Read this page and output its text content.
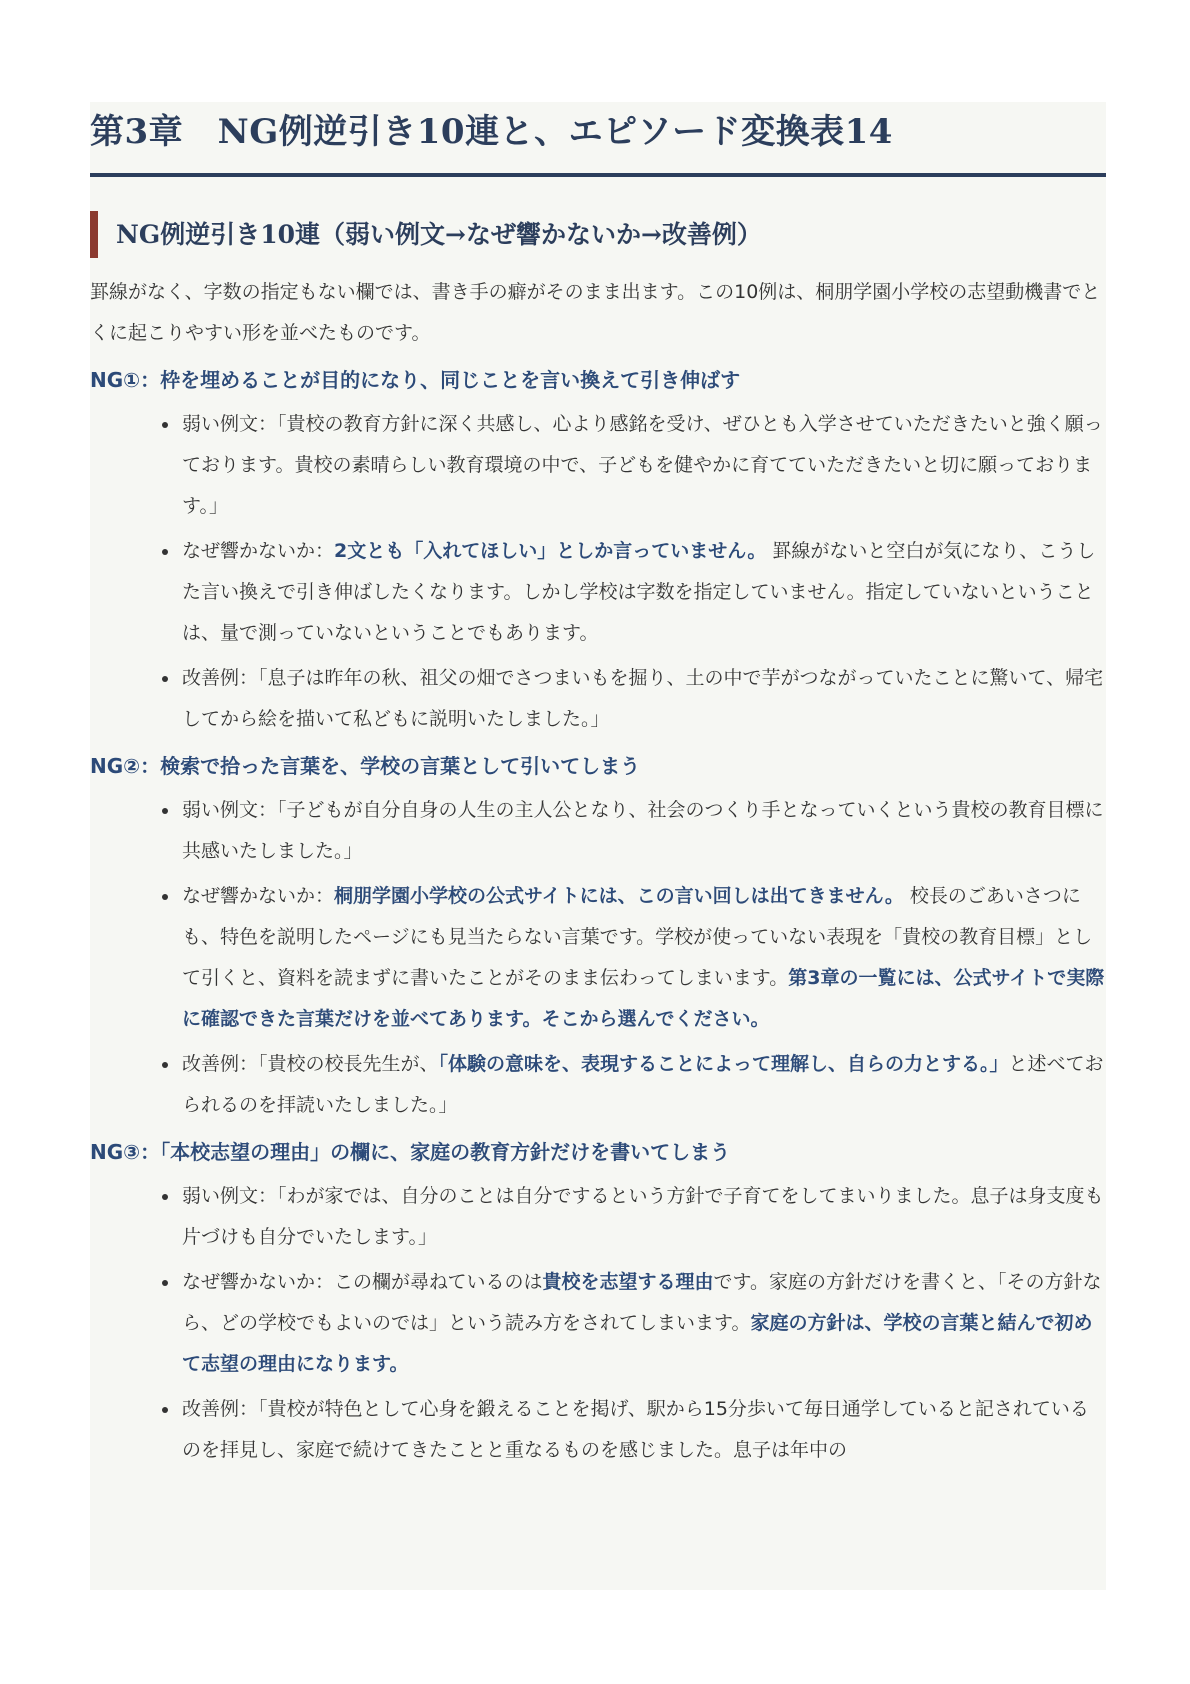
第3章　NG例逆引き10連と、エピソード変換表14
NG例逆引き10連（弱い例文→なぜ響かないか→改善例）

罫線がなく、字数の指定もない欄では、書き手の癖がそのまま出ます。この10例は、桐朋学園小学校の志望動機書でとくに起こりやすい形を並べたものです。

NG①：枠を埋めることが目的になり、同じことを言い換えて引き伸ばす
弱い例文：「貴校の教育方針に深く共感し、心より感銘を受け、ぜひとも入学させていただきたいと強く願っております。貴校の素晴らしい教育環境の中で、子どもを健やかに育てていただきたいと切に願っております。」
なぜ響かないか：2文とも「入れてほしい」としか言っていません。 罫線がないと空白が気になり、こうした言い換えで引き伸ばしたくなります。しかし学校は字数を指定していません。指定していないということは、量で測っていないということでもあります。
改善例：「息子は昨年の秋、祖父の畑でさつまいもを掘り、土の中で芋がつながっていたことに驚いて、帰宅してから絵を描いて私どもに説明いたしました。」
NG②：検索で拾った言葉を、学校の言葉として引いてしまう
弱い例文：「子どもが自分自身の人生の主人公となり、社会のつくり手となっていくという貴校の教育目標に共感いたしました。」
なぜ響かないか：桐朋学園小学校の公式サイトには、この言い回しは出てきません。 校長のごあいさつにも、特色を説明したページにも見当たらない言葉です。学校が使っていない表現を「貴校の教育目標」として引くと、資料を読まずに書いたことがそのまま伝わってしまいます。第3章の一覧には、公式サイトで実際に確認できた言葉だけを並べてあります。そこから選んでください。
改善例：「貴校の校長先生が、「体験の意味を、表現することによって理解し、自らの力とする。」と述べておられるのを拝読いたしました。」
NG③：「本校志望の理由」の欄に、家庭の教育方針だけを書いてしまう
弱い例文：「わが家では、自分のことは自分でするという方針で子育てをしてまいりました。息子は身支度も片づけも自分でいたします。」
なぜ響かないか：この欄が尋ねているのは貴校を志望する理由です。家庭の方針だけを書くと、「その方針なら、どの学校でもよいのでは」という読み方をされてしまいます。家庭の方針は、学校の言葉と結んで初めて志望の理由になります。
改善例：「貴校が特色として心身を鍛えることを掲げ、駅から15分歩いて毎日通学していると記されているのを拝見し、家庭で続けてきたことと重なるものを感じました。息子は年中の
